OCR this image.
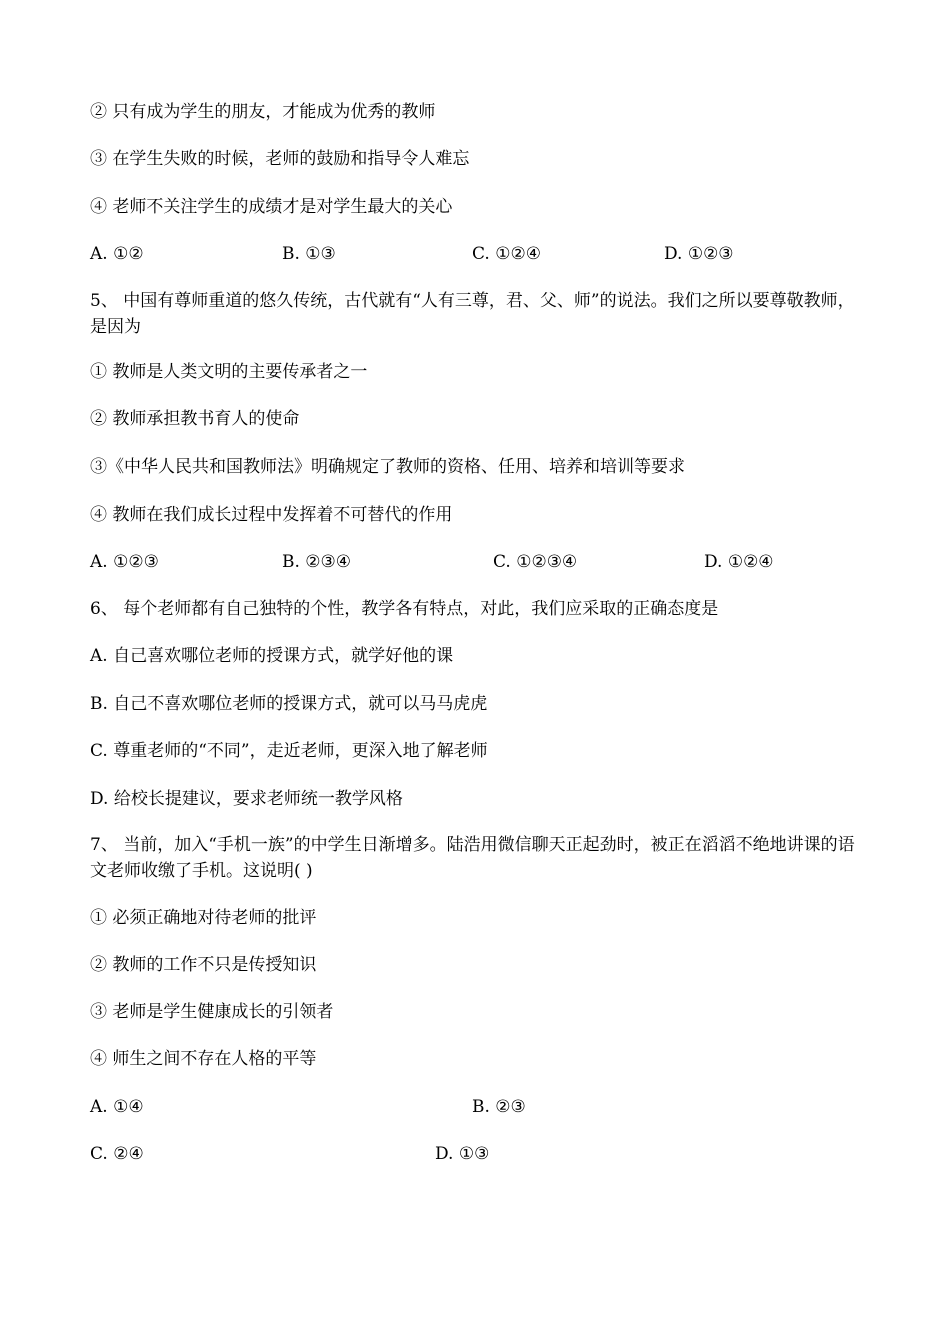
② 只有成为学生的朋友，才能成为优秀的教师
③ 在学生失败的时候，老师的鼓励和指导令人难忘
④ 老师不关注学生的成绩才是对学生最大的关心
A. ①②	B. ①③	C. ①②④	D. ①②③
5、 中国有尊师重道的悠久传统，古代就有“人有三尊，君、父、师”的说法。我们之所以要尊敬教师，是因为
① 教师是人类文明的主要传承者之一
② 教师承担教书育人的使命
③《中华人民共和国教师法》明确规定了教师的资格、任用、培养和培训等要求
④ 教师在我们成长过程中发挥着不可替代的作用
A. ①②③	B. ②③④	C. ①②③④	D. ①②④
6、 每个老师都有自己独特的个性，教学各有特点，对此，我们应采取的正确态度是
A. 自己喜欢哪位老师的授课方式，就学好他的课
B. 自己不喜欢哪位老师的授课方式，就可以马马虎虎
C. 尊重老师的“不同”，走近老师，更深入地了解老师
D. 给校长提建议，要求老师统一教学风格
7、 当前，加入“手机一族”的中学生日渐增多。陆浩用微信聊天正起劲时，被正在滔滔不绝地讲课的语文老师收缴了手机。这说明( )
① 必须正确地对待老师的批评
② 教师的工作不只是传授知识
③ 老师是学生健康成长的引领者
④ 师生之间不存在人格的平等
A. ①④	B. ②③
C. ②④	D. ①③
